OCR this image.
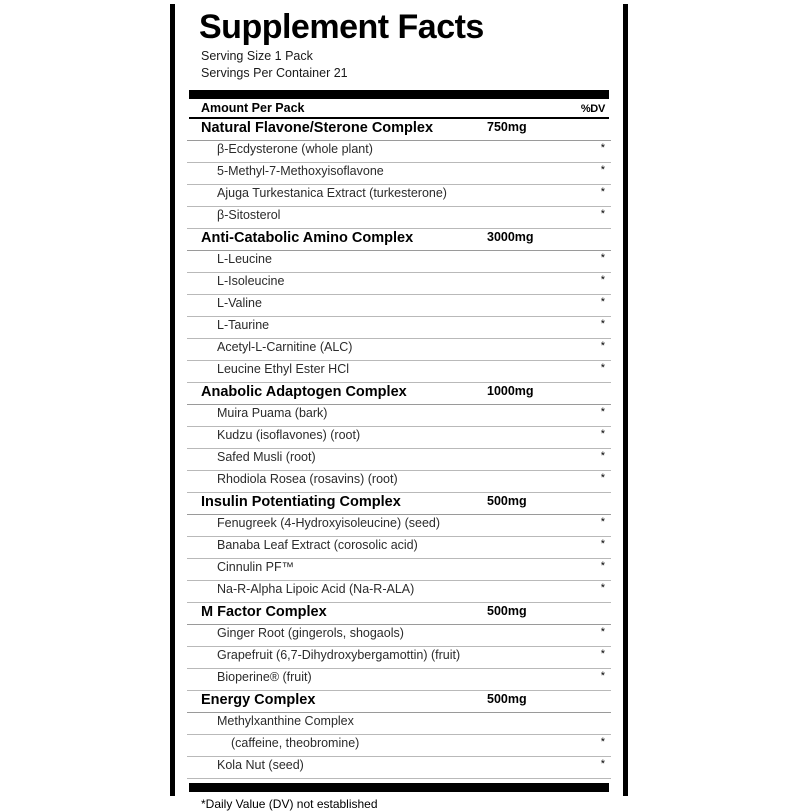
Supplement Facts
Serving Size 1 Pack
Servings Per Container 21
Amount Per Pack	%DV
Natural Flavone/Sterone Complex	750mg
β-Ecdysterone (whole plant)	*
5-Methyl-7-Methoxyisoflavone	*
Ajuga Turkestanica Extract (turkesterone)	*
β-Sitosterol	*
Anti-Catabolic Amino Complex	3000mg
L-Leucine	*
L-Isoleucine	*
L-Valine	*
L-Taurine	*
Acetyl-L-Carnitine (ALC)	*
Leucine Ethyl Ester HCl	*
Anabolic Adaptogen Complex	1000mg
Muira Puama (bark)	*
Kudzu (isoflavones) (root)	*
Safed Musli (root)	*
Rhodiola Rosea (rosavins) (root)	*
Insulin Potentiating Complex	500mg
Fenugreek (4-Hydroxyisoleucine) (seed)	*
Banaba Leaf Extract (corosolic acid)	*
Cinnulin PF™	*
Na-R-Alpha Lipoic Acid (Na-R-ALA)	*
M Factor Complex	500mg
Ginger Root (gingerols, shogaols)	*
Grapefruit (6,7-Dihydroxybergamottin) (fruit)	*
Bioperine® (fruit)	*
Energy Complex	500mg
Methylxanthine Complex
(caffeine, theobromine)	*
Kola Nut (seed)	*
*Daily Value (DV) not established
